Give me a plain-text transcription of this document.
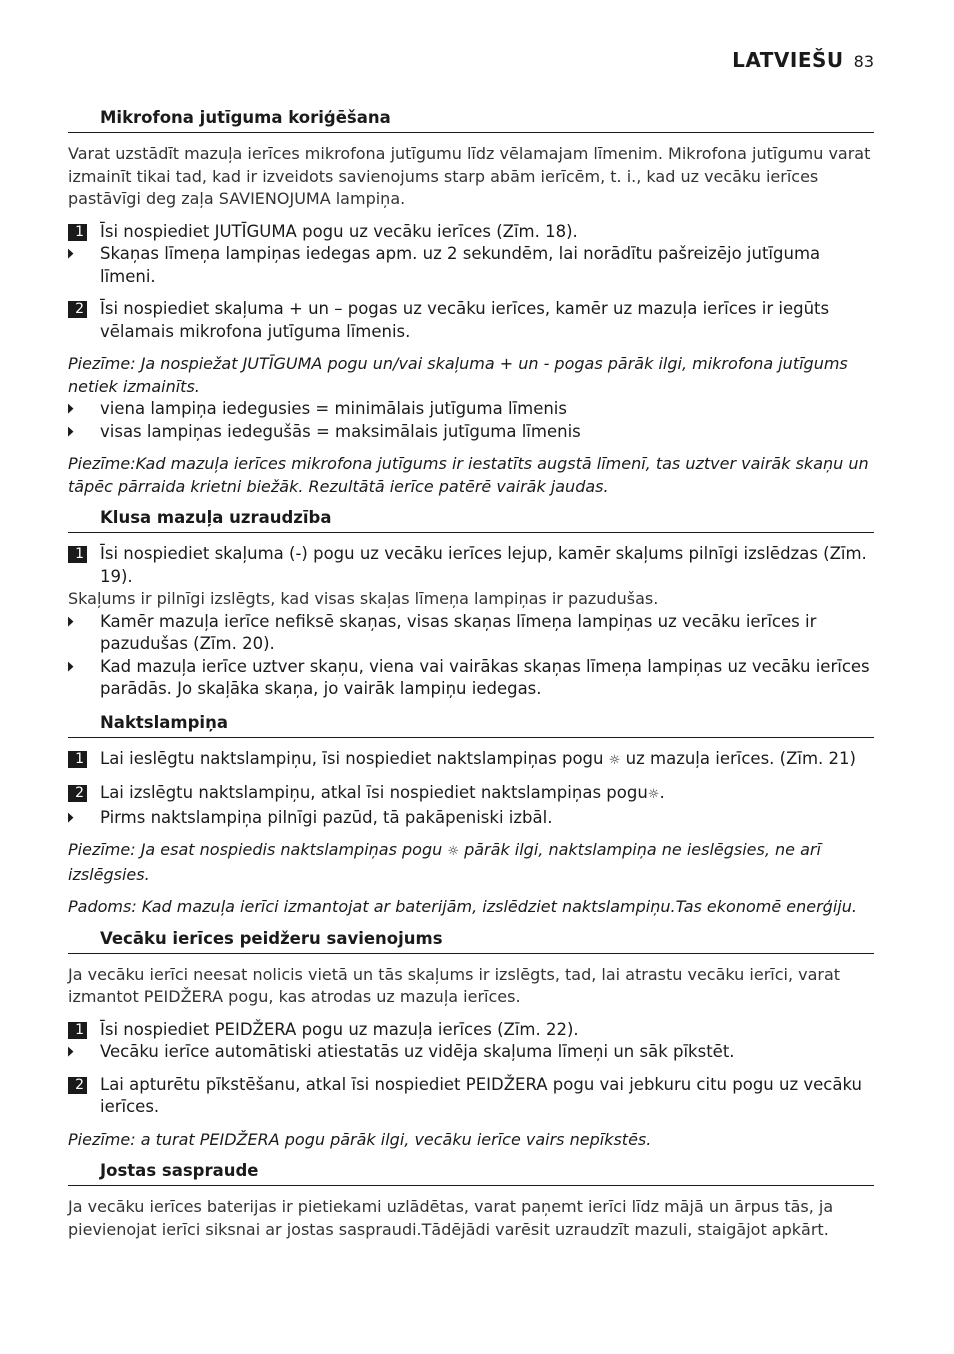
LATVIEŠU 83
Mikrofona jutīguma koriģēšana
Varat uzstādīt mazuļa ierīces mikrofona jutīgumu līdz vēlamajam līmenim. Mikrofona jutīgumu varat izmainīt tikai tad, kad ir izveidots savienojums starp abām ierīcēm, t. i., kad uz vecāku ierīces pastāvīgi deg zaļa SAVIENOJUMA lampiņa.
1 Īsi nospiediet JUTĪGUMA pogu uz vecāku ierīces (Zīm. 18).
▶	Skaņas līmeņa lampiņas iedegas apm. uz 2 sekundēm, lai norādītu pašreizējo jutīguma līmeni.
2 Īsi nospiediet skaļuma + un – pogas uz vecāku ierīces, kamēr uz mazuļa ierīces ir iegūts vēlamais mikrofona jutīguma līmenis.
Piezīme: Ja nospiežat JUTĪGUMA pogu un/vai skaļuma + un - pogas pārāk ilgi, mikrofona jutīgums netiek izmainīts.
▶	viena lampiņa iedegusies = minimālais jutīguma līmenis
▶	visas lampiņas iedegušās = maksimālais jutīguma līmenis
Piezīme:Kad mazuļa ierīces mikrofona jutīgums ir iestatīts augstā līmenī, tas uztver vairāk skaņu un tāpēc pārraida krietni biežāk. Rezultātā ierīce patērē vairāk jaudas.
Klusa mazuļa uzraudzība
1 Īsi nospiediet skaļuma (-) pogu uz vecāku ierīces lejup, kamēr skaļums pilnīgi izslēdzas (Zīm. 19).
Skaļums ir pilnīgi izslēgts, kad visas skaļas līmeņa lampiņas ir pazudušas.
▶	Kamēr mazuļa ierīce nefiksē skaņas, visas skaņas līmeņa lampiņas uz vecāku ierīces ir pazudušas (Zīm. 20).
▶	Kad mazuļa ierīce uztver skaņu, viena vai vairākas skaņas līmeņa lampiņas uz vecāku ierīces parādās. Jo skaļāka skaņa, jo vairāk lampiņu iedegas.
Naktslampiņa
1 Lai ieslēgtu naktslampiņu, īsi nospiediet naktslampiņas pogu ☼ uz mazuļa ierīces. (Zīm. 21)
2 Lai izslēgtu naktslampiņu, atkal īsi nospiediet naktslampiņas pogu☼.
▶	Pirms naktslampiņa pilnīgi pazūd, tā pakāpeniski izbāl.
Piezīme: Ja esat nospiedis naktslampiņas pogu ☼ pārāk ilgi, naktslampiņa ne ieslēgsies, ne arī izslēgsies.
Padoms: Kad mazuļa ierīci izmantojat ar baterijām, izslēdziet naktslampiņu.Tas ekonomē enerģiju.
Vecāku ierīces peidžeru savienojums
Ja vecāku ierīci neesat nolicis vietā un tās skaļums ir izslēgts, tad, lai atrastu vecāku ierīci, varat izmantot PEIDŽERA pogu, kas atrodas uz mazuļa ierīces.
1 Īsi nospiediet PEIDŽERA pogu uz mazuļa ierīces (Zīm. 22).
▶	Vecāku ierīce automātiski atiestatās uz vidēja skaļuma līmeņi un sāk pīkstēt.
2 Lai apturētu pīkstēšanu, atkal īsi nospiediet PEIDŽERA pogu vai jebkuru citu pogu uz vecāku ierīces.
Piezīme: a turat PEIDŽERA pogu pārāk ilgi, vecāku ierīce vairs nepīkstēs.
Jostas saspraude
Ja vecāku ierīces baterijas ir pietiekami uzlādētas, varat paņemt ierīci līdz mājā un ārpus tās, ja pievienojat ierīci siksnai ar jostas saspraudi.Tādējādi varēsit uzraudzīt mazuli, staigājot apkārt.
